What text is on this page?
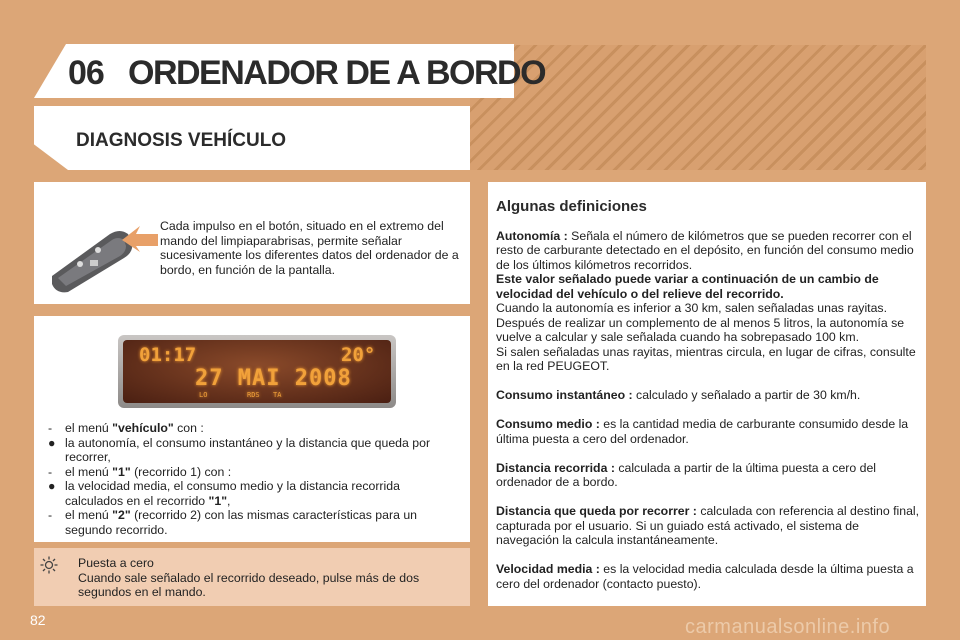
06 ORDENADOR DE A BORDO
DIAGNOSIS VEHÍCULO
Cada impulso en el botón, situado en el extremo del mando del limpiaparabrisas, permite señalar sucesivamente los diferentes datos del ordenador de a bordo, en función de la pantalla.
01:17	20°
27 MAI 2008
LO	RDS TA
-	el menú "vehículo" con :
● la autonomía, el consumo instantáneo y la distancia que queda por recorrer,
-	el menú "1" (recorrido 1) con :
● la velocidad media, el consumo medio y la distancia recorrida calculados en el recorrido "1",
-	el menú "2" (recorrido 2) con las mismas características para un segundo recorrido.
Puesta a cero
Cuando sale señalado el recorrido deseado, pulse más de dos segundos en el mando.
Algunas definiciones

Autonomía : Señala el número de kilómetros que se pueden recorrer con el resto de carburante detectado en el depósito, en función del consumo medio de los últimos kilómetros recorridos.
Este valor señalado puede variar a continuación de un cambio de velocidad del vehículo o del relieve del recorrido.
Cuando la autonomía es inferior a 30 km, salen señaladas unas rayitas. Después de realizar un complemento de al menos 5 litros, la autonomía se vuelve a calcular y sale señalada cuando ha sobrepasado 100 km.
Si salen señaladas unas rayitas, mientras circula, en lugar de cifras, consulte en la red PEUGEOT.

Consumo instantáneo : calculado y señalado a partir de 30 km/h.

Consumo medio : es la cantidad media de carburante consumido desde la última puesta a cero del ordenador.

Distancia recorrida : calculada a partir de la última puesta a cero del ordenador de a bordo.

Distancia que queda por recorrer : calculada con referencia al destino final, capturada por el usuario. Si un guiado está activado, el sistema de navegación la calcula instantáneamente.

Velocidad media : es la velocidad media calculada desde la última puesta a cero del ordenador (contacto puesto).

82	carmanualsonline.info
